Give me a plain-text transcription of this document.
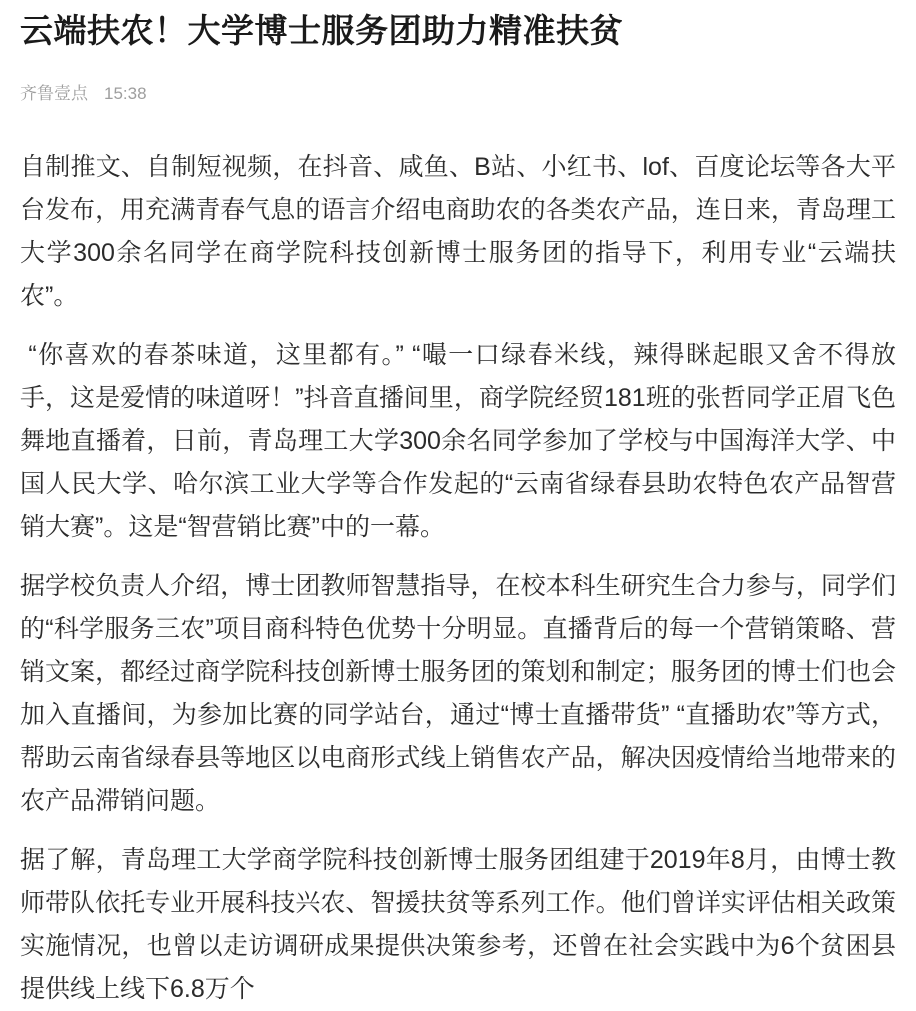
云端扶农！大学博士服务团助力精准扶贫
齐鲁壹点 15:38

自制推文、自制短视频，在抖音、咸鱼、B站、小红书、lof、百度论坛等各大平台发布，用充满青春气息的语言介绍电商助农的各类农产品，连日来，青岛理工大学300余名同学在商学院科技创新博士服务团的指导下，利用专业“云端扶农”。

“你喜欢的春茶味道，这里都有。” “嘬一口绿春米线，辣得眯起眼又舍不得放手，这是爱情的味道呀！”抖音直播间里，商学院经贸181班的张哲同学正眉飞色舞地直播着，日前，青岛理工大学300余名同学参加了学校与中国海洋大学、中国人民大学、哈尔滨工业大学等合作发起的“云南省绿春县助农特色农产品智营销大赛”。这是“智营销比赛”中的一幕。

据学校负责人介绍，博士团教师智慧指导，在校本科生研究生合力参与，同学们的“科学服务三农”项目商科特色优势十分明显。直播背后的每一个营销策略、营销文案，都经过商学院科技创新博士服务团的策划和制定；服务团的博士们也会加入直播间，为参加比赛的同学站台，通过“博士直播带货” “直播助农”等方式，帮助云南省绿春县等地区以电商形式线上销售农产品，解决因疫情给当地带来的农产品滞销问题。

据了解，青岛理工大学商学院科技创新博士服务团组建于2019年8月，由博士教师带队依托专业开展科技兴农、智援扶贫等系列工作。他们曾详实评估相关政策实施情况，也曾以走访调研成果提供决策参考，还曾在社会实践中为6个贫困县提供线上线下6.8万个
